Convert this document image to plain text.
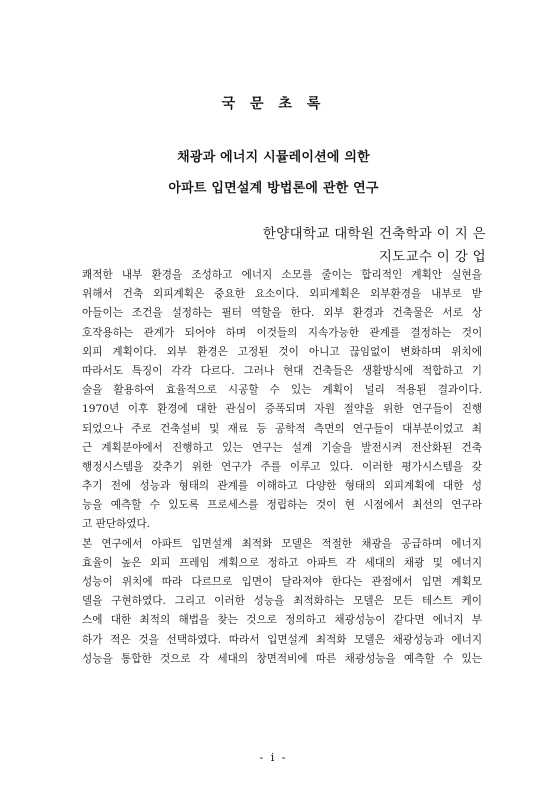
국 문 초 록
채광과 에너지 시뮬레이션에 의한
아파트 입면설계 방법론에 관한 연구
한양대학교 대학원 건축학과 이 지 은
지도교수 이 강 업
쾌적한 내부 환경을 조성하고 에너지 소모를 줄이는 합리적인 계획안 실현을
위해서 건축 외피계획은 중요한 요소이다. 외피계획은 외부환경을 내부로 받
아들이는 조건을 설정하는 필터 역할을 한다. 외부 환경과 건축물은 서로 상
호작용하는 관계가 되어야 하며 이것들의 지속가능한 관계를 결정하는 것이
외피 계획이다. 외부 환경은 고정된 것이 아니고 끊임없이 변화하며 위치에
따라서도 특징이 각각 다르다. 그러나 현대 건축들은 생활방식에 적합하고 기
술을 활용하여 효율적으로 시공할 수 있는 계획이 널리 적용된 결과이다.
1970년 이후 환경에 대한 관심이 증폭되며 자원 절약을 위한 연구들이 진행
되었으나 주로 건축설비 및 재료 등 공학적 측면의 연구들이 대부분이었고 최
근 계획분야에서 진행하고 있는 연구는 설계 기술을 발전시켜 전산화된 건축
행정시스템을 갖추기 위한 연구가 주를 이루고 있다. 이러한 평가시스템을 갖
추기 전에 성능과 형태의 관계를 이해하고 다양한 형태의 외피계획에 대한 성
능을 예측할 수 있도록 프로세스를 정립하는 것이 현 시점에서 최선의 연구라
고 판단하였다.
본 연구에서 아파트 입면설계 최적화 모델은 적절한 채광을 공급하며 에너지
효율이 높은 외피 프레임 계획으로 정하고 아파트 각 세대의 채광 및 에너지
성능이 위치에 따라 다르므로 입면이 달라져야 한다는 관점에서 입면 계획모
델을 구현하였다. 그리고 이러한 성능을 최적화하는 모델은 모든 테스트 케이
스에 대한 최적의 해법을 찾는 것으로 정의하고 채광성능이 같다면 에너지 부
하가 적은 것을 선택하였다. 따라서 입면설계 최적화 모델은 채광성능과 에너지
성능을 통합한 것으로 각 세대의 창면적비에 따른 채광성능을 예측할 수 있는
- i -
